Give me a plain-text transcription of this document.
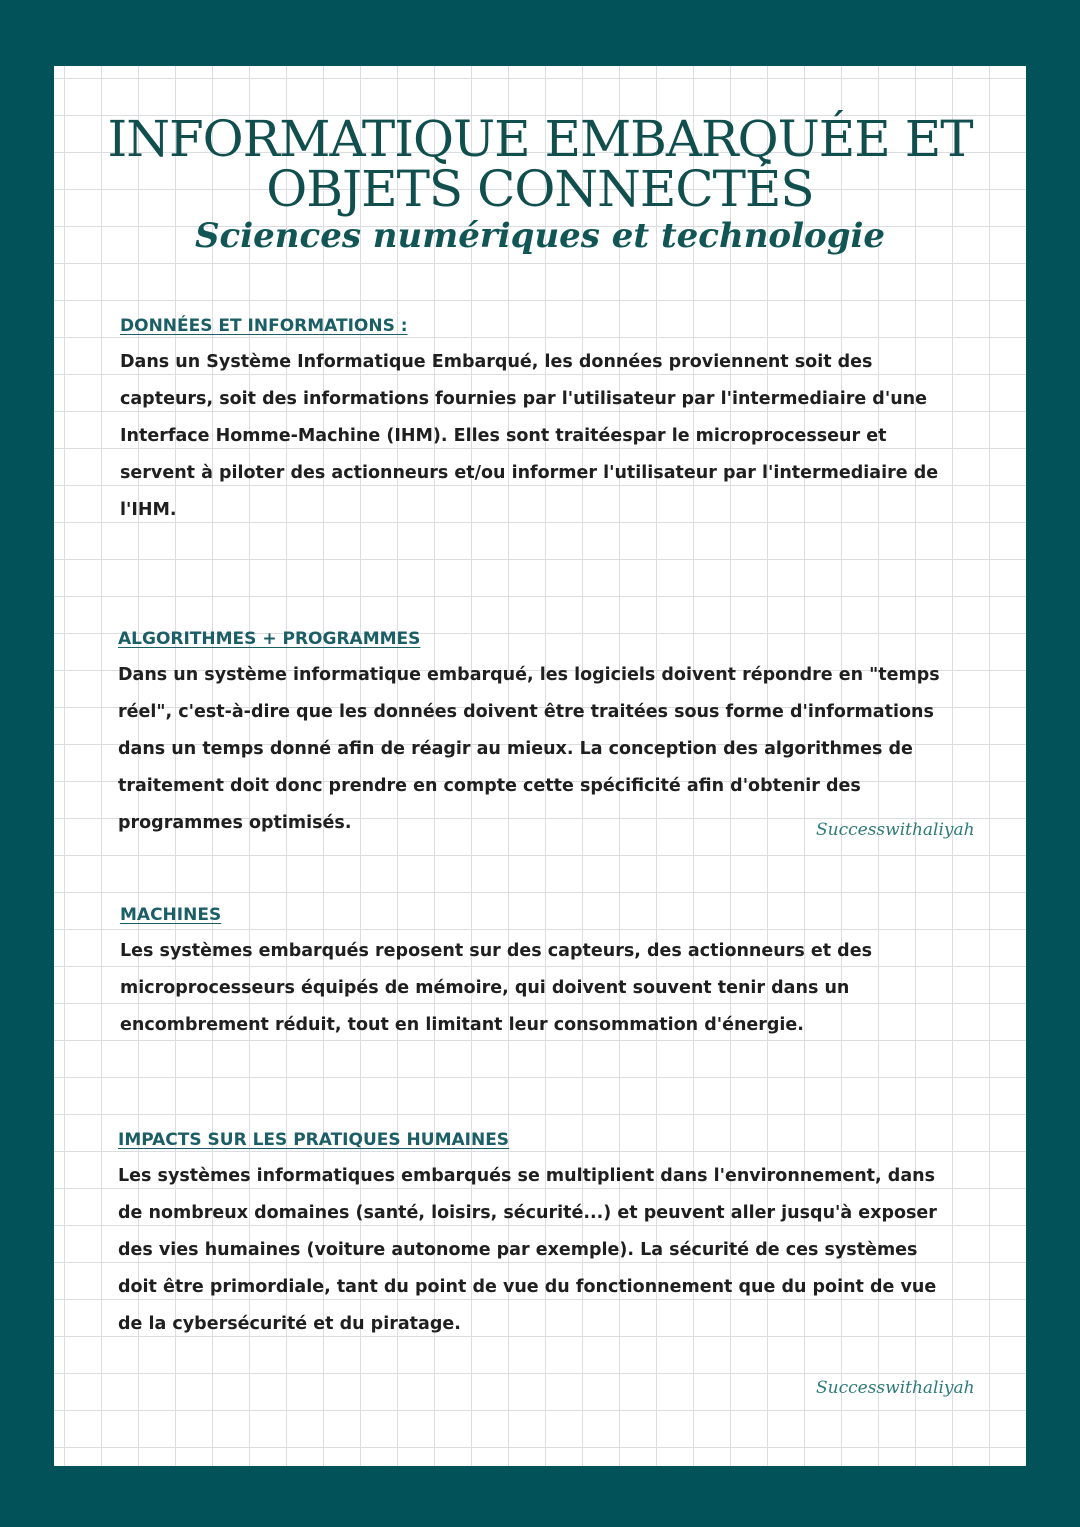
INFORMATIQUE EMBARQUÉE ET
OBJETS CONNECTÉS
Sciences numériques et technologie
DONNÉES ET INFORMATIONS :

Dans un Système Informatique Embarqué, les données proviennent soit des capteurs, soit des informations fournies par l'utilisateur par l'intermediaire d'une Interface Homme-Machine (IHM). Elles sont traitéespar le microprocesseur et servent à piloter des actionneurs et/ou informer l'utilisateur par l'intermediaire de l'IHM.

ALGORITHMES + PROGRAMMES

Dans un système informatique embarqué, les logiciels doivent répondre en "temps réel", c'est-à-dire que les données doivent être traitées sous forme d'informations dans un temps donné afin de réagir au mieux. La conception des algorithmes de traitement doit donc prendre en compte cette spécificité afin d'obtenir des programmes optimisés.	Successwithaliyah

MACHINES

Les systèmes embarqués reposent sur des capteurs, des actionneurs et des microprocesseurs équipés de mémoire, qui doivent souvent tenir dans un encombrement réduit, tout en limitant leur consommation d'énergie.

IMPACTS SUR LES PRATIQUES HUMAINES

Les systèmes informatiques embarqués se multiplient dans l'environnement, dans de nombreux domaines (santé, loisirs, sécurité...) et peuvent aller jusqu'à exposer des vies humaines (voiture autonome par exemple). La sécurité de ces systèmes doit être primordiale, tant du point de vue du fonctionnement que du point de vue de la cybersécurité et du piratage.

Successwithaliyah
